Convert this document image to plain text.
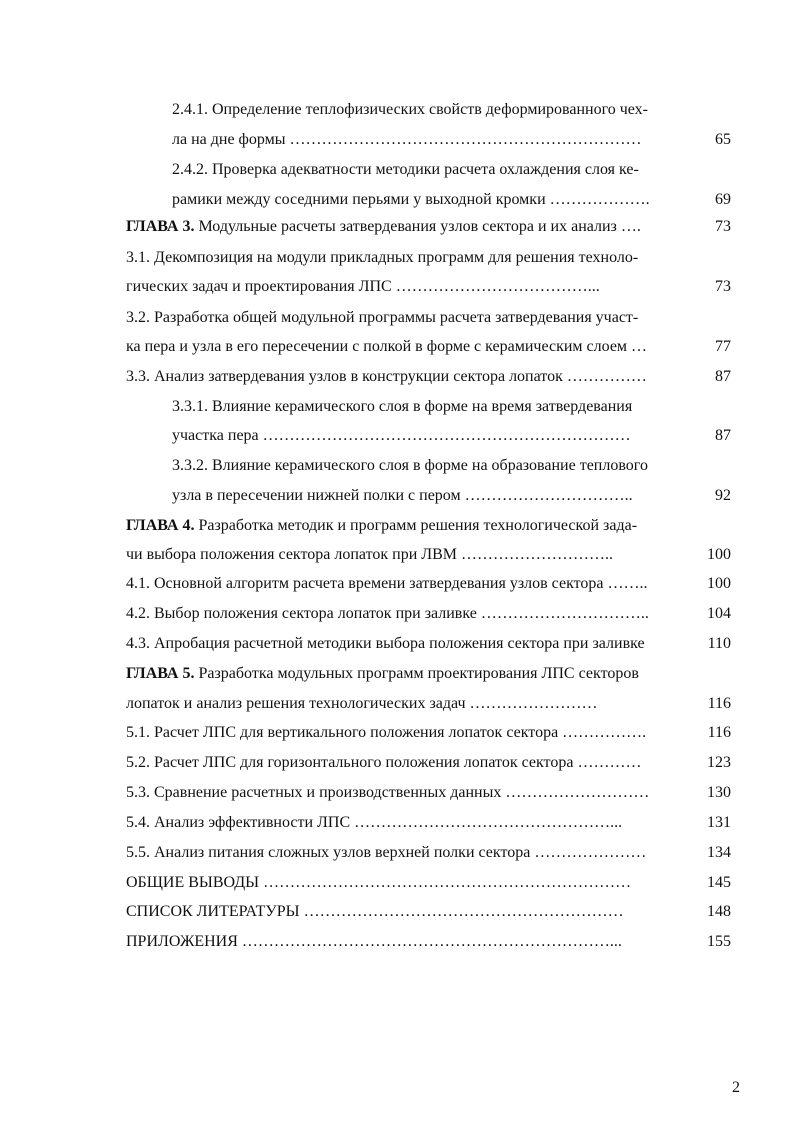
2.4.1. Определение теплофизических свойств деформированного чех-
ла на дне формы …………………………………………………………	65
2.4.2. Проверка адекватности методики расчета охлаждения слоя ке-
рамики между соседними перьями у выходной кромки ……………….	69
ГЛАВА 3. Модульные расчеты затвердевания узлов сектора и их анализ ….	73
3.1. Декомпозиция на модули прикладных программ для решения техноло-
гических задач и проектирования ЛПС ………………………………...	73
3.2. Разработка общей модульной программы расчета затвердевания участ-
ка пера и узла в его пересечении с полкой в форме с керамическим слоем …	77
3.3. Анализ затвердевания узлов в конструкции сектора лопаток ……………	87
3.3.1. Влияние керамического слоя в форме на время затвердевания
участка пера ……………………………………………………………	87
3.3.2. Влияние керамического слоя в форме на образование теплового
узла в пересечении нижней полки с пером …………………………..	92
ГЛАВА 4. Разработка методик и программ решения технологической зада-
чи выбора положения сектора лопаток при ЛВМ ………………………..	100
4.1. Основной алгоритм расчета времени затвердевания узлов сектора ……..	100
4.2. Выбор положения сектора лопаток при заливке …………………………..	104
4.3. Апробация расчетной методики выбора положения сектора при заливке	110
ГЛАВА 5. Разработка модульных программ проектирования ЛПС секторов
лопаток и анализ решения технологических задач ……………………	116
5.1. Расчет ЛПС для вертикального положения лопаток сектора …………….	116
5.2. Расчет ЛПС для горизонтального положения лопаток сектора …………	123
5.3. Сравнение расчетных и производственных данных ………………………	130
5.4. Анализ эффективности ЛПС …………………………………………...	131
5.5. Анализ питания сложных узлов верхней полки сектора …………………	134
ОБЩИЕ ВЫВОДЫ ……………………………………………………………	145
СПИСОК ЛИТЕРАТУРЫ ……………………………………………………	148
ПРИЛОЖЕНИЯ ……………………………………………………………...	155
2
